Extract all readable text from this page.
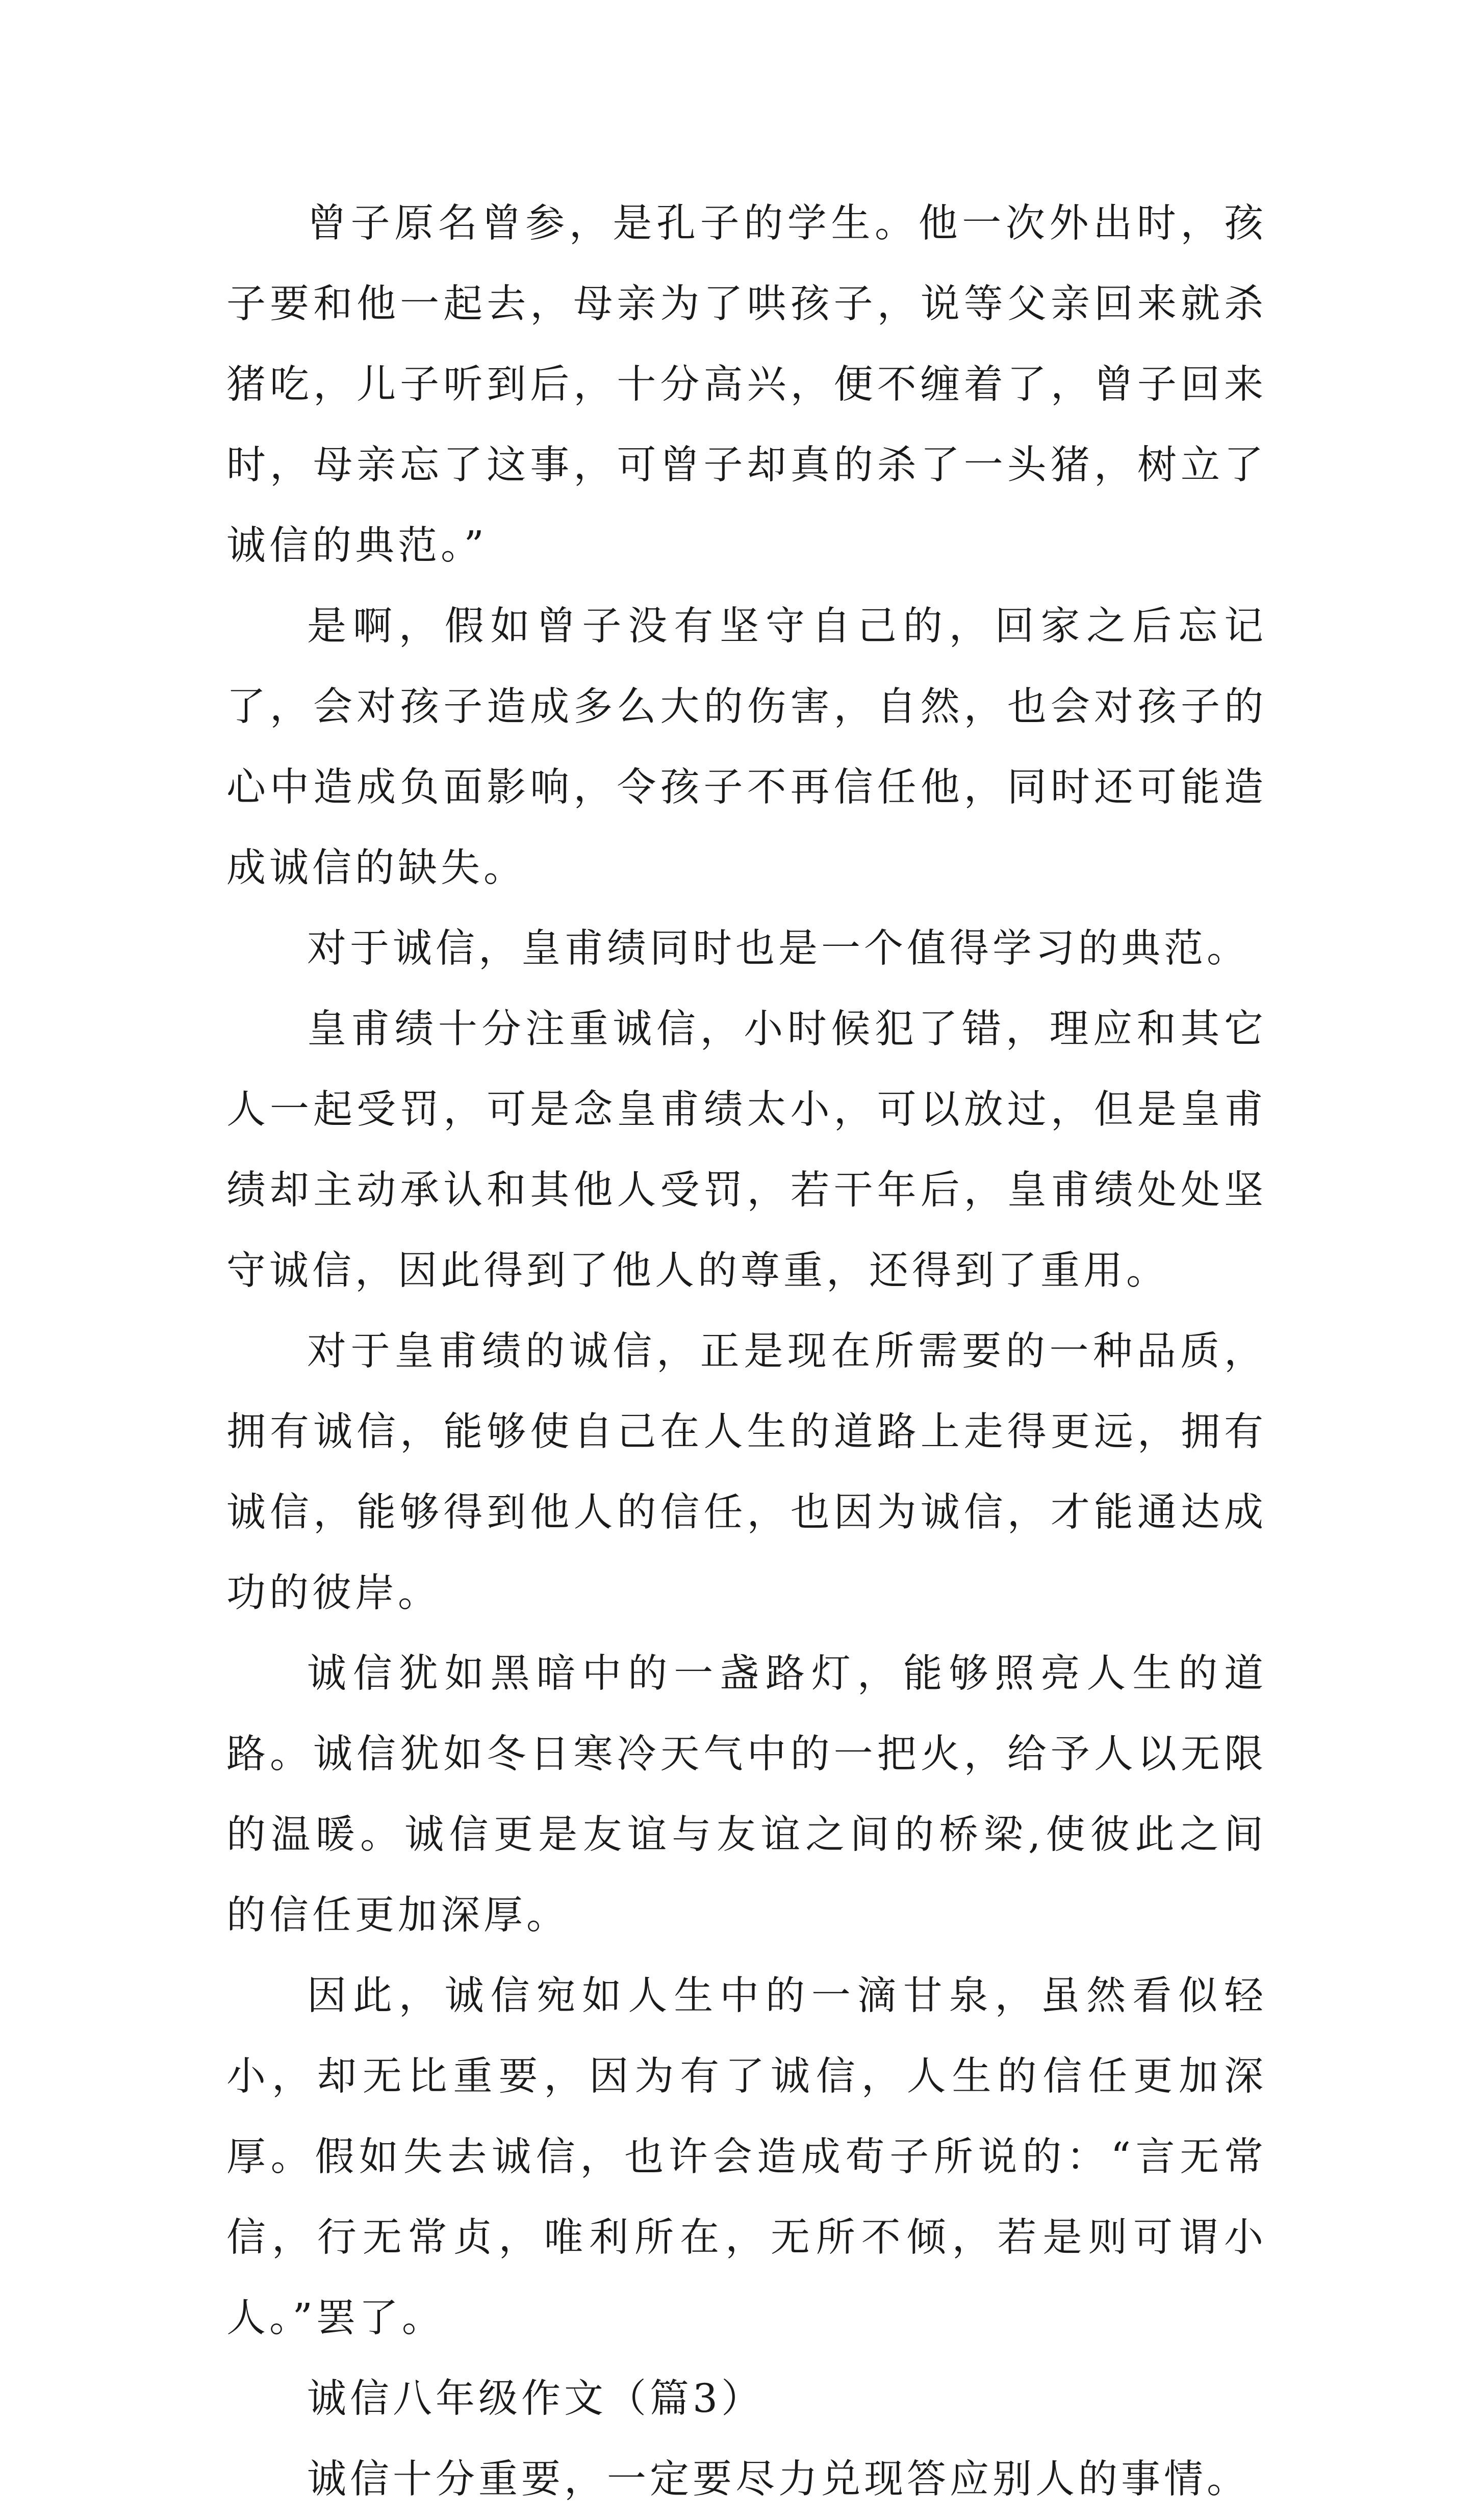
曾子原名曾参，是孔子的学生。他一次外出时，孩子要和他一起去，母亲为了哄孩子，说等父亲回来就杀猪吃，儿子听到后，十分高兴，便不缠着了，曾子回来时，母亲忘了这事，可曾子却真的杀了一头猪，树立了诚信的典范。”

是啊，假如曾子没有坚守自己的，回家之后忘记了，会对孩子造成多么大的伤害，自然，也会对孩子的心中造成负面影响，令孩子不再信任他，同时还可能造成诚信的缺失。

对于诚信，皇甫绩同时也是一个值得学习的典范。

皇甫绩十分注重诚信，小时候犯了错，理应和其它人一起受罚，可是念皇甫绩太小，可以放过，但是皇甫绩却主动承认和其他人受罚，若干年后，皇甫绩处处坚守诚信，因此得到了他人的尊重，还得到了重用。

对于皇甫绩的诚信，正是现在所需要的一种品质，拥有诚信，能够使自己在人生的道路上走得更远，拥有诚信，能够得到他人的信任，也因为诚信，才能通达成功的彼岸。

诚信犹如黑暗中的一盏路灯，能够照亮人生的道路。诚信犹如冬日寒冷天气中的一把火，给予人以无限的温暖。诚信更是友谊与友谊之间的桥梁,使彼此之间的信任更加深厚。

因此，诚信宛如人生中的一滴甘泉，虽然看似轻小，却无比重要，因为有了诚信，人生的信任更加深厚。假如失去诚信，也许会造成荀子所说的：“言无常信，行无常贞，唯利所在，无所不倾，若是则可谓小人。”罢了。

诚信八年级作文（篇3）

诚信十分重要，一定要尽力兑现答应别人的事情。
